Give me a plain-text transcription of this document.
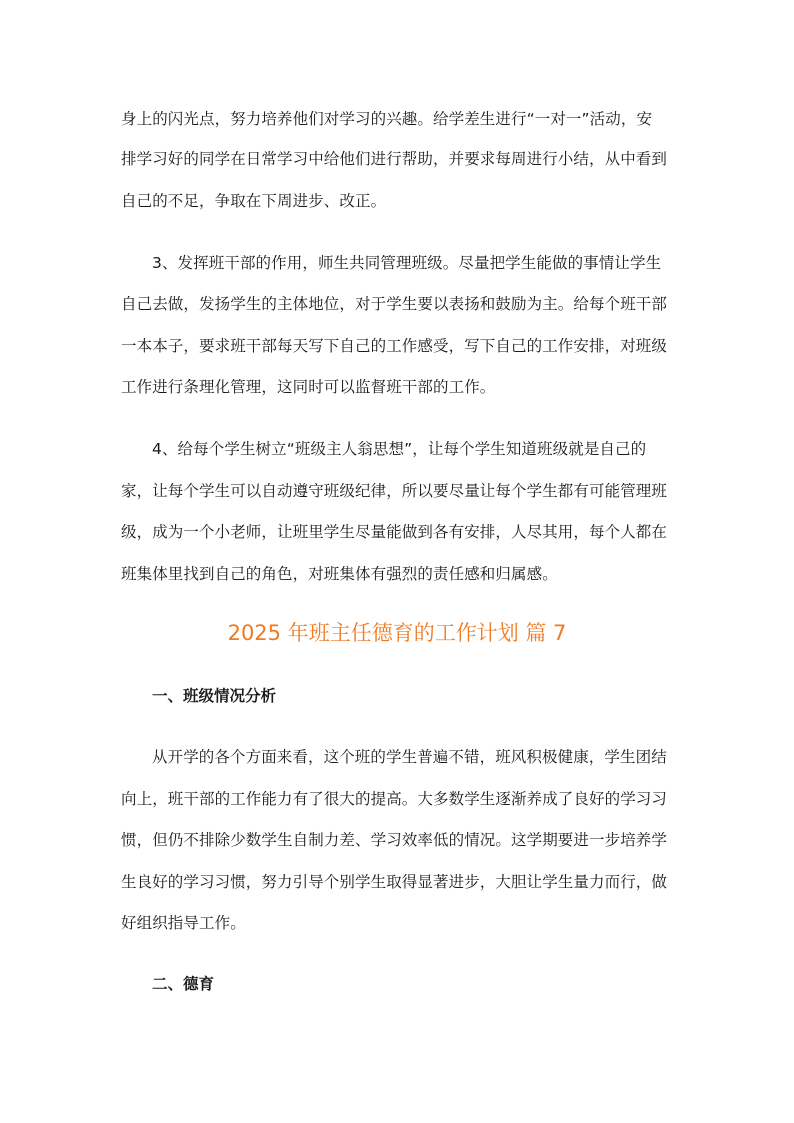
身上的闪光点，努力培养他们对学习的兴趣。给学差生进行“一对一”活动，安

排学习好的同学在日常学习中给他们进行帮助，并要求每周进行小结，从中看到

自己的不足，争取在下周进步、改正。

3、发挥班干部的作用，师生共同管理班级。尽量把学生能做的事情让学生

自己去做，发扬学生的主体地位，对于学生要以表扬和鼓励为主。给每个班干部

一本本子，要求班干部每天写下自己的工作感受，写下自己的工作安排，对班级

工作进行条理化管理，这同时可以监督班干部的工作。

4、给每个学生树立“班级主人翁思想”，让每个学生知道班级就是自己的

家，让每个学生可以自动遵守班级纪律，所以要尽量让每个学生都有可能管理班

级，成为一个小老师，让班里学生尽量能做到各有安排，人尽其用，每个人都在

班集体里找到自己的角色，对班集体有强烈的责任感和归属感。

2025 年班主任德育的工作计划 篇 7
一、班级情况分析

从开学的各个方面来看，这个班的学生普遍不错，班风积极健康，学生团结

向上，班干部的工作能力有了很大的提高。大多数学生逐渐养成了良好的学习习

惯，但仍不排除少数学生自制力差、学习效率低的情况。这学期要进一步培养学

生良好的学习习惯，努力引导个别学生取得显著进步，大胆让学生量力而行，做

好组织指导工作。

二、德育
